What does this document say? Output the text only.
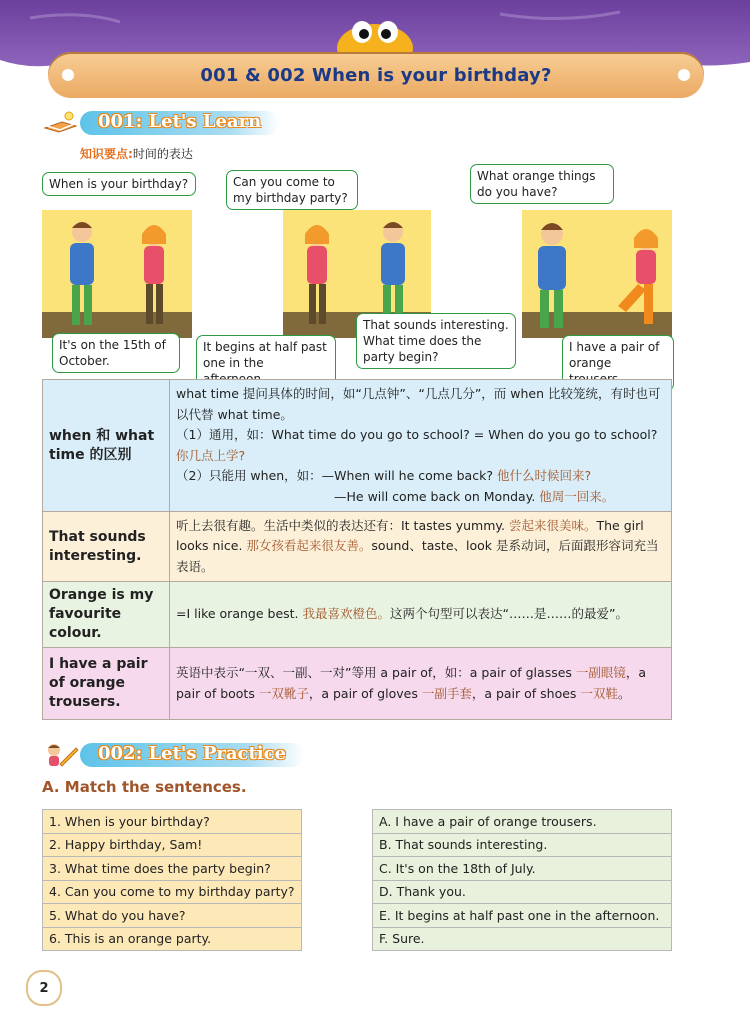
001 & 002 When is your birthday?
001: Let's Learn
知识要点:时间的表达
When is your birthday?
It's on the 15th of October.
Can you come to my birthday party?
It begins at half past one in the afternoon.
That sounds interesting. What time does the party begin?
What orange things do you have?
I have a pair of orange trousers.
when 和 what time 的区别	what time 提问具体的时间，如“几点钟”、“几点几分”，而 when 比较笼统，有时也可以代替 what time。
（1）通用，如：What time do you go to school? = When do you go to school? 你几点上学?
（2）只能用 when，如：—When will he come back? 他什么时候回来?
—He will come back on Monday. 他周一回来。

That sounds interesting.	听上去很有趣。生活中类似的表达还有：It tastes yummy. 尝起来很美味。The girl looks nice. 那女孩看起来很友善。sound、taste、look 是系动词，后面跟形容词充当表语。
Orange is my favourite colour.	=I like orange best. 我最喜欢橙色。这两个句型可以表达“……是……的最爱”。
I have a pair of orange trousers.	英语中表示“一双、一副、一对”等用 a pair of，如：a pair of glasses 一副眼镜，a pair of boots 一双靴子，a pair of gloves 一副手套，a pair of shoes 一双鞋。
002: Let's Practice
A. Match the sentences.
1. When is your birthday?
2. Happy birthday, Sam!
3. What time does the party begin?
4. Can you come to my birthday party?
5. What do you have?
6. This is an orange party.
A. I have a pair of orange trousers.
B. That sounds interesting.
C. It's on the 18th of July.
D. Thank you.
E. It begins at half past one in the afternoon.
F. Sure.
2
